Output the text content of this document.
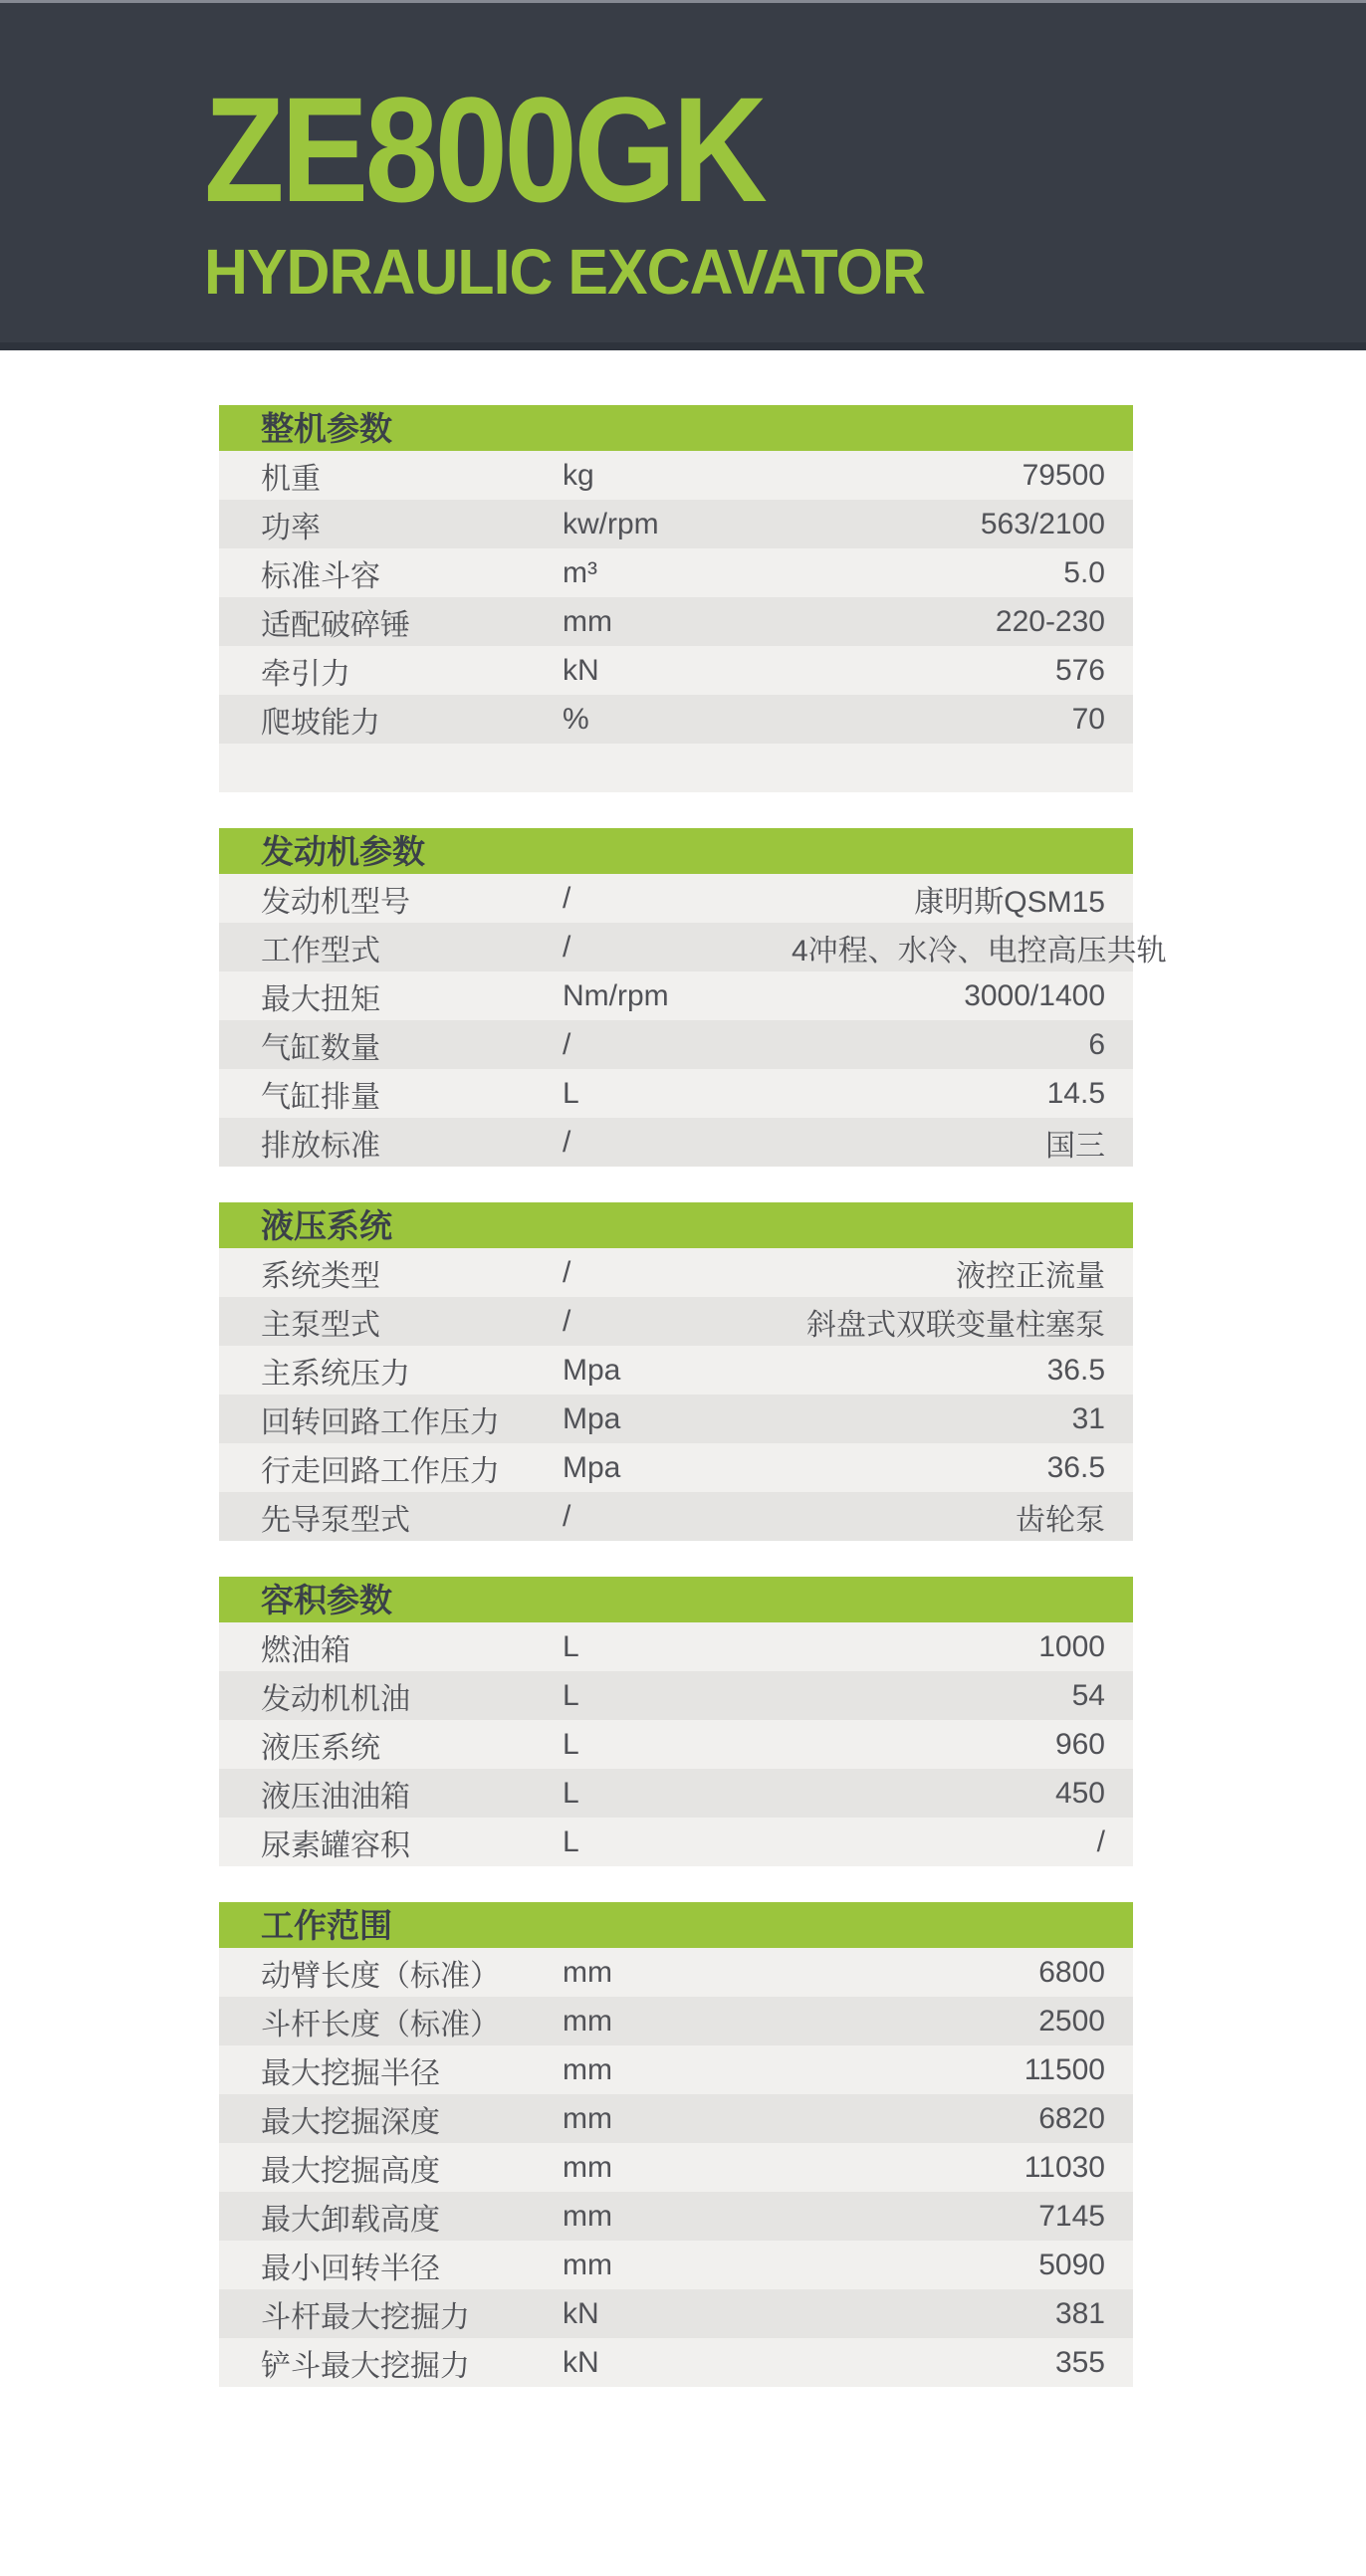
ZE800GK
HYDRAULIC EXCAVATOR
整机参数
机重	kg	79500
功率	kw/rpm	563/2100
标准斗容	m³	5.0
适配破碎锤	mm	220-230
牵引力	kN	576
爬坡能力	%	70
发动机参数
发动机型号	/	康明斯QSM15
工作型式	/	4冲程、水冷、电控高压共轨
最大扭矩	Nm/rpm	3000/1400
气缸数量	/	6
气缸排量	L	14.5
排放标准	/	国三
液压系统
系统类型	/	液控正流量
主泵型式	/	斜盘式双联变量柱塞泵
主系统压力	Mpa	36.5
回转回路工作压力	Mpa	31
行走回路工作压力	Mpa	36.5
先导泵型式	/	齿轮泵
容积参数
燃油箱	L	1000
发动机机油	L	54
液压系统	L	960
液压油油箱	L	450
尿素罐容积	L	/
工作范围
动臂长度（标准）	mm	6800
斗杆长度（标准）	mm	2500
最大挖掘半径	mm	11500
最大挖掘深度	mm	6820
最大挖掘高度	mm	11030
最大卸载高度	mm	7145
最小回转半径	mm	5090
斗杆最大挖掘力	kN	381
铲斗最大挖掘力	kN	355
